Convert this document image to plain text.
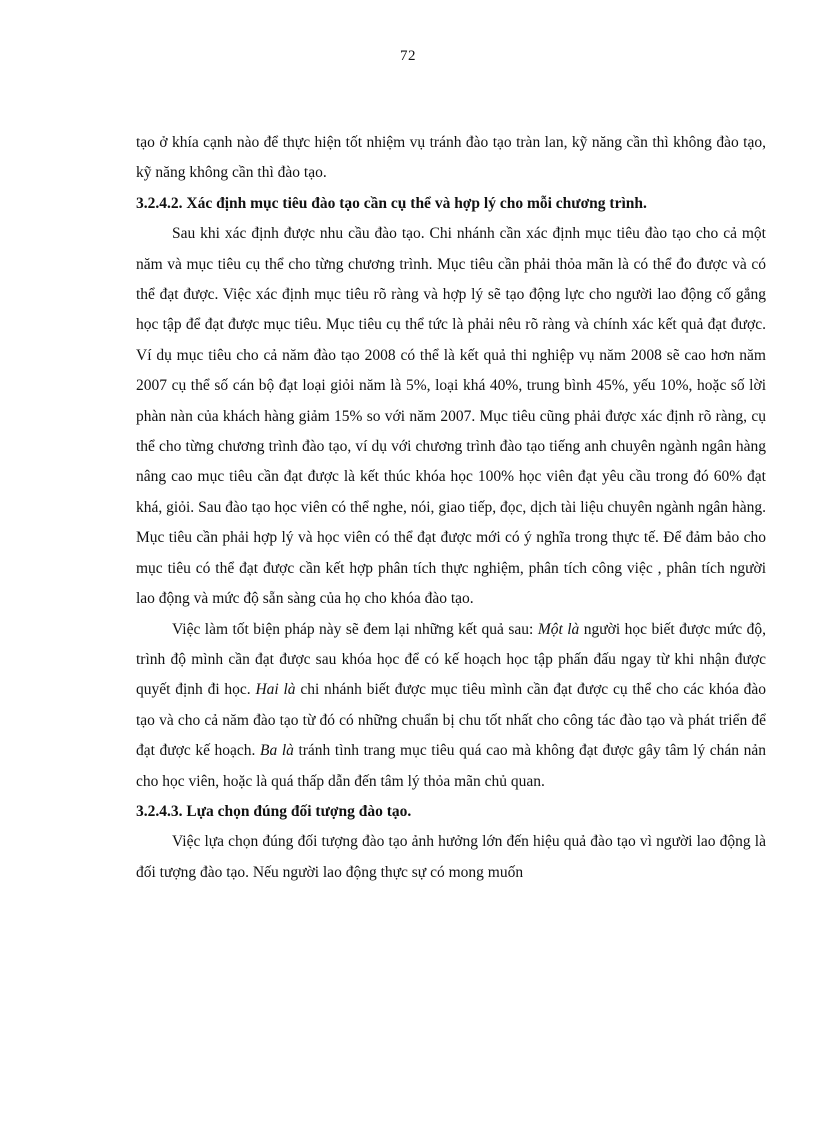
72

tạo ở khía cạnh nào để thực hiện tốt nhiệm vụ tránh đào tạo tràn lan, kỹ năng cần thì không đào tạo, kỹ năng không cần thì đào tạo.

3.2.4.2. Xác định mục tiêu đào tạo cần cụ thể và hợp lý cho mỗi chương trình.

Sau khi xác định được nhu cầu đào tạo. Chi nhánh cần xác định mục tiêu đào tạo cho cả một năm và mục tiêu cụ thể cho từng chương trình. Mục tiêu cần phải thỏa mãn là có thể đo được và có thể đạt được. Việc xác định mục tiêu rõ ràng và hợp lý sẽ tạo động lực cho người lao động cố gắng học tập để đạt được mục tiêu. Mục tiêu cụ thể tức là phải nêu rõ ràng và chính xác kết quả đạt được. Ví dụ mục tiêu cho cả năm đào tạo 2008 có thể là kết quả thi nghiệp vụ năm 2008 sẽ cao hơn năm 2007 cụ thể số cán bộ đạt loại giỏi năm là 5%, loại khá 40%, trung bình 45%, yếu 10%, hoặc số lời phàn nàn của khách hàng giảm 15% so với năm 2007. Mục tiêu cũng phải được xác định rõ ràng, cụ thể cho từng chương trình đào tạo, ví dụ với chương trình đào tạo tiếng anh chuyên ngành ngân hàng nâng cao mục tiêu cần đạt được là kết thúc khóa học 100% học viên đạt yêu cầu trong đó 60% đạt khá, giỏi. Sau đào tạo học viên có thể nghe, nói, giao tiếp, đọc, dịch tài liệu chuyên ngành ngân hàng. Mục tiêu cần phải hợp lý và học viên có thể đạt được mới có ý nghĩa trong thực tế. Để đảm bảo cho mục tiêu có thể đạt được cần kết hợp phân tích thực nghiệm, phân tích công việc , phân tích người lao động và mức độ sẵn sàng của họ cho khóa đào tạo.

Việc làm tốt biện pháp này sẽ đem lại những kết quả sau: Một là người học biết được mức độ, trình độ mình cần đạt được sau khóa học để có kế hoạch học tập phấn đấu ngay từ khi nhận được quyết định đi học. Hai là chi nhánh biết được mục tiêu mình cần đạt được cụ thể cho các khóa đào tạo và cho cả năm đào tạo từ đó có những chuẩn bị chu tốt nhất cho công tác đào tạo và phát triển để đạt được kế hoạch. Ba là tránh tình trang mục tiêu quá cao mà không đạt được gây tâm lý chán nản cho học viên, hoặc là quá thấp dẫn đến tâm lý thỏa mãn chủ quan.

3.2.4.3. Lựa chọn đúng đối tượng đào tạo.

Việc lựa chọn đúng đối tượng đào tạo ảnh hưởng lớn đến hiệu quả đào tạo vì người lao động là đối tượng đào tạo. Nếu người lao động thực sự có mong muốn
